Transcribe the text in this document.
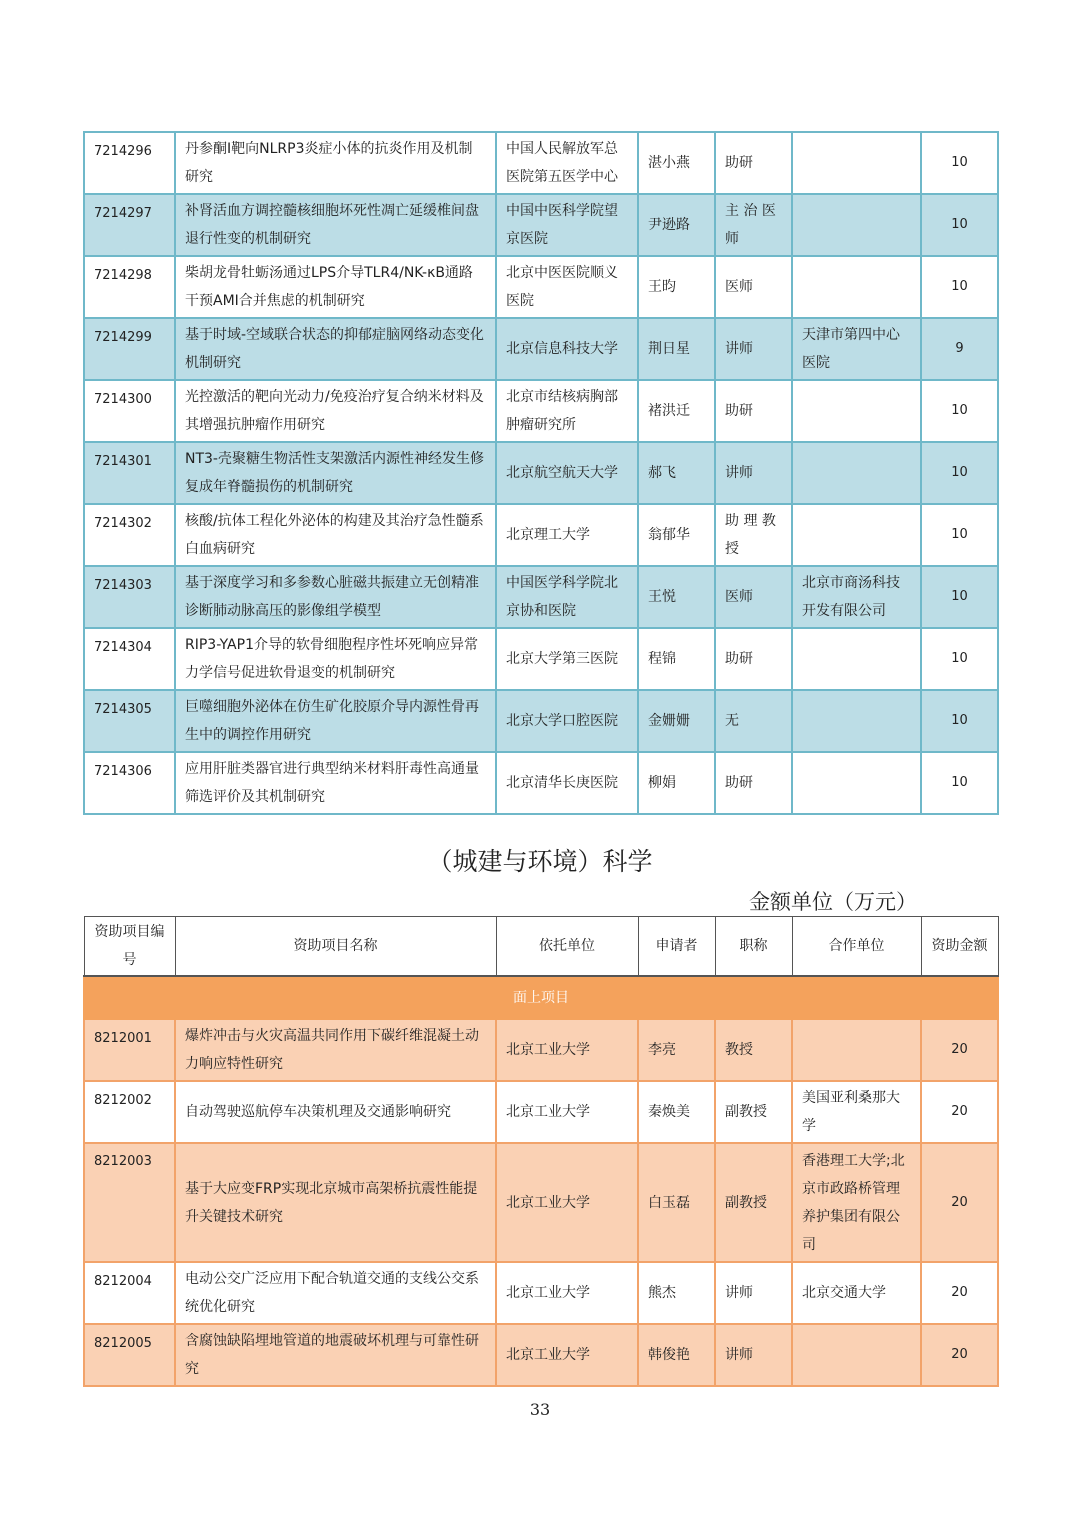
7214296	丹参酮Ⅰ靶向NLRP3炎症小体的抗炎作用及机制研究	中国人民解放军总医院第五医学中心	湛小燕	助研		10
7214297	补肾活血方调控髓核细胞坏死性凋亡延缓椎间盘退行性变的机制研究	中国中医科学院望京医院	尹逊路	主 治 医 师		10
7214298	柴胡龙骨牡蛎汤通过LPS介导TLR4/NK-κB通路干预AMI合并焦虑的机制研究	北京中医医院顺义医院	王昀	医师		10
7214299	基于时域-空域联合状态的抑郁症脑网络动态变化机制研究	北京信息科技大学	荆日星	讲师	天津市第四中心医院	9
7214300	光控激活的靶向光动力/免疫治疗复合纳米材料及其增强抗肿瘤作用研究	北京市结核病胸部肿瘤研究所	褚洪迁	助研		10
7214301	NT3-壳聚糖生物活性支架激活内源性神经发生修复成年脊髓损伤的机制研究	北京航空航天大学	郝飞	讲师		10
7214302	核酸/抗体工程化外泌体的构建及其治疗急性髓系白血病研究	北京理工大学	翁郁华	助 理 教 授		10
7214303	基于深度学习和多参数心脏磁共振建立无创精准诊断肺动脉高压的影像组学模型	中国医学科学院北京协和医院	王悦	医师	北京市商汤科技开发有限公司	10
7214304	RIP3-YAP1介导的软骨细胞程序性坏死响应异常力学信号促进软骨退变的机制研究	北京大学第三医院	程锦	助研		10
7214305	巨噬细胞外泌体在仿生矿化胶原介导内源性骨再生中的调控作用研究	北京大学口腔医院	金姗姗	无		10
7214306	应用肝脏类器官进行典型纳米材料肝毒性高通量筛选评价及其机制研究	北京清华长庚医院	柳娟	助研		10
（城建与环境）科学
金额单位（万元）
资助项目编号	资助项目名称	依托单位	申请者	职称	合作单位	资助金额
面上项目						
8212001	爆炸冲击与火灾高温共同作用下碳纤维混凝土动力响应特性研究	北京工业大学	李亮	教授		20
8212002	自动驾驶巡航停车决策机理及交通影响研究	北京工业大学	秦焕美	副教授	美国亚利桑那大学	20
8212003	基于大应变FRP实现北京城市高架桥抗震性能提升关键技术研究	北京工业大学	白玉磊	副教授	香港理工大学;北京市政路桥管理养护集团有限公司	20
8212004	电动公交广泛应用下配合轨道交通的支线公交系统优化研究	北京工业大学	熊杰	讲师	北京交通大学	20
8212005	含腐蚀缺陷埋地管道的地震破坏机理与可靠性研究	北京工业大学	韩俊艳	讲师		20
33
